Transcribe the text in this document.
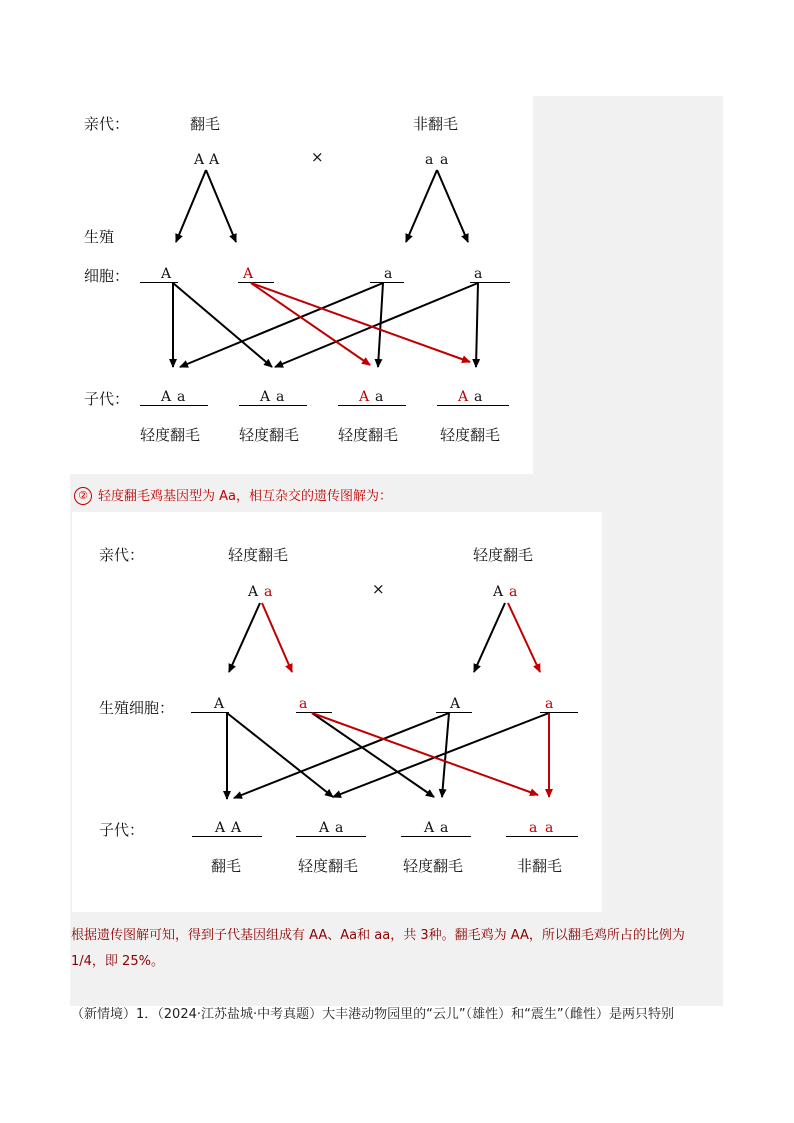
亲代：	翻毛	非翻毛
A A	×	a a
生殖
细胞： A	A	a	a
子代： A a	A a	A a	A a
轻度翻毛	轻度翻毛	轻度翻毛	轻度翻毛
② 轻度翻毛鸡基因型为 Aa，相互杂交的遗传图解为：
亲代：	轻度翻毛	轻度翻毛
A a	×	A a
生殖细胞：	A	a	A	a
子代：	A A	A a	A a	a a
翻毛	轻度翻毛	轻度翻毛	非翻毛
根据遗传图解可知，得到子代基因组成有 AA、Aa和 aa，共 3种。翻毛鸡为 AA，所以翻毛鸡所占的比例为
1/4，即 25%。
（新情境）1．（2024·江苏盐城·中考真题）大丰港动物园里的“云儿”（雄性）和“震生”（雌性）是两只特别
